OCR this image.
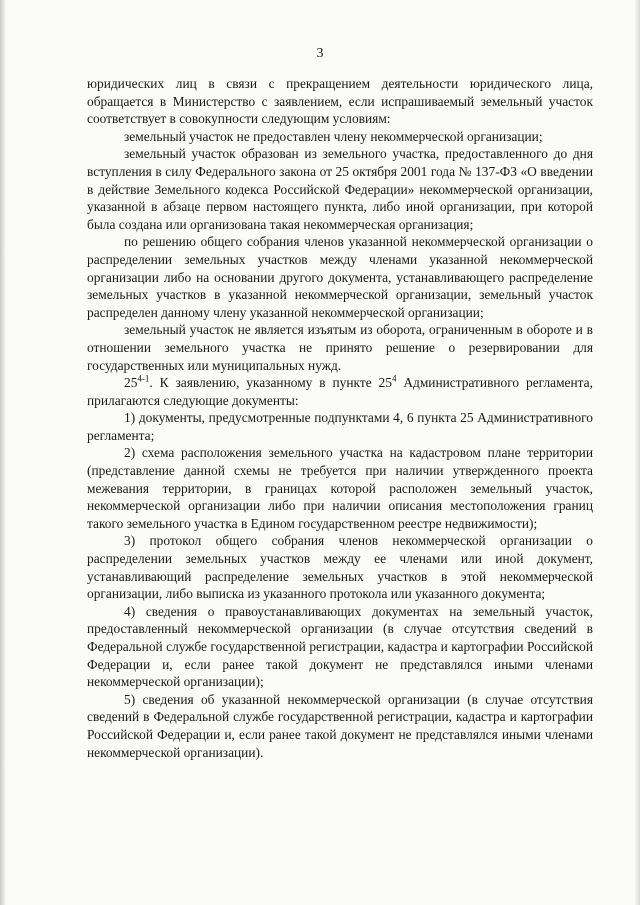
3

юридических лиц в связи с прекращением деятельности юридического лица, обращается в Министерство с заявлением, если испрашиваемый земельный участок соответствует в совокупности следующим условиям:

земельный участок не предоставлен члену некоммерческой организации;

земельный участок образован из земельного участка, предоставленного до дня вступления в силу Федерального закона от 25 октября 2001 года № 137-ФЗ «О введении в действие Земельного кодекса Российской Федерации» некоммерческой организации, указанной в абзаце первом настоящего пункта, либо иной организации, при которой была создана или организована такая некоммерческая организация;

по решению общего собрания членов указанной некоммерческой организации о распределении земельных участков между членами указанной некоммерческой организации либо на основании другого документа, устанавливающего распределение земельных участков в указанной некоммерческой организации, земельный участок распределен данному члену указанной некоммерческой организации;

земельный участок не является изъятым из оборота, ограниченным в обороте и в отношении земельного участка не принято решение о резервировании для государственных или муниципальных нужд.

25$^{4-1}$. К заявлению, указанному в пункте $25^4$ Административного регламента, прилагаются следующие документы:

1) документы, предусмотренные подпунктами 4, 6 пункта 25 Административного регламента;

2) схема расположения земельного участка на кадастровом плане территории (представление данной схемы не требуется при наличии утвержденного проекта межевания территории, в границах которой расположен земельный участок, некоммерческой организации либо при наличии описания местоположения границ такого земельного участка в Едином государственном реестре недвижимости);

3) протокол общего собрания членов некоммерческой организации о распределении земельных участков между ее членами или иной документ, устанавливающий распределение земельных участков в этой некоммерческой организации, либо выписка из указанного протокола или указанного документа;

4) сведения о правоустанавливающих документах на земельный участок, предоставленный некоммерческой организации (в случае отсутствия сведений в Федеральной службе государственной регистрации, кадастра и картографии Российской Федерации и, если ранее такой документ не представлялся иными членами некоммерческой организации);

5) сведения об указанной некоммерческой организации (в случае отсутствия сведений в Федеральной службе государственной регистрации, кадастра и картографии Российской Федерации и, если ранее такой документ не представлялся иными членами некоммерческой организации).
